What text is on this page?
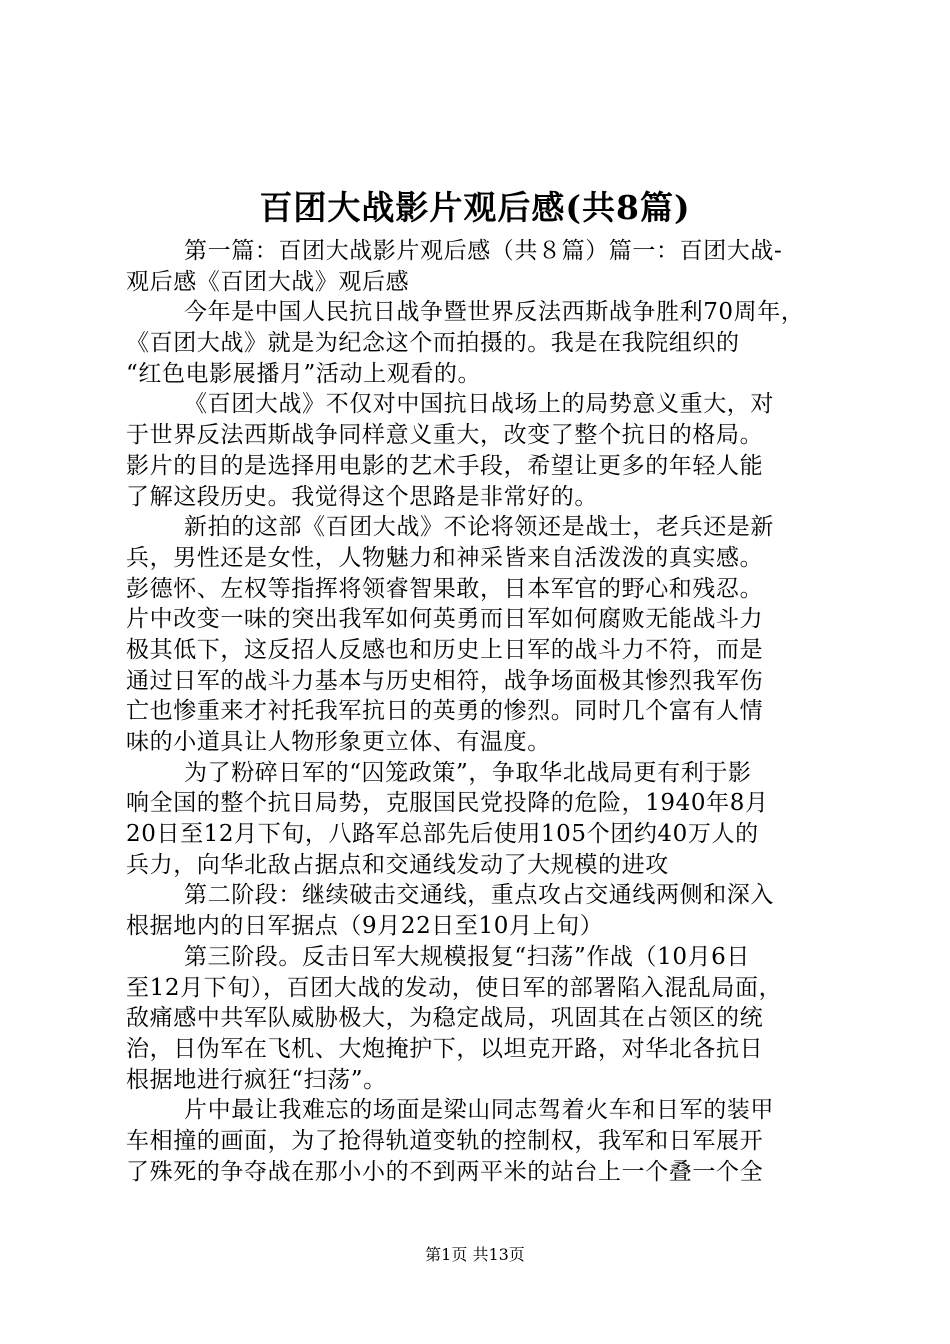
百团大战影片观后感(共8篇)
第一篇：百团大战影片观后感（共８篇）篇一：百团大战-
观后感《百团大战》观后感
今年是中国人民抗日战争暨世界反法西斯战争胜利70周年，
《百团大战》就是为纪念这个而拍摄的。我是在我院组织的
“红色电影展播月”活动上观看的。
《百团大战》不仅对中国抗日战场上的局势意义重大，对
于世界反法西斯战争同样意义重大，改变了整个抗日的格局。
影片的目的是选择用电影的艺术手段，希望让更多的年轻人能
了解这段历史。我觉得这个思路是非常好的。
新拍的这部《百团大战》不论将领还是战士，老兵还是新
兵，男性还是女性，人物魅力和神采皆来自活泼泼的真实感。
彭德怀、左权等指挥将领睿智果敢，日本军官的野心和残忍。
片中改变一味的突出我军如何英勇而日军如何腐败无能战斗力
极其低下，这反招人反感也和历史上日军的战斗力不符，而是
通过日军的战斗力基本与历史相符，战争场面极其惨烈我军伤
亡也惨重来才衬托我军抗日的英勇的惨烈。同时几个富有人情
味的小道具让人物形象更立体、有温度。
为了粉碎日军的“囚笼政策”，争取华北战局更有利于影
响全国的整个抗日局势，克服国民党投降的危险，1940年8月
20日至12月下旬，八路军总部先后使用105个团约40万人的
兵力，向华北敌占据点和交通线发动了大规模的进攻
第二阶段：继续破击交通线，重点攻占交通线两侧和深入
根据地内的日军据点（9月22日至10月上旬）
第三阶段。反击日军大规模报复“扫荡”作战（10月6日
至12月下旬），百团大战的发动，使日军的部署陷入混乱局面，
敌痛感中共军队威胁极大，为稳定战局，巩固其在占领区的统
治，日伪军在飞机、大炮掩护下，以坦克开路，对华北各抗日
根据地进行疯狂“扫荡”。
片中最让我难忘的场面是梁山同志驾着火车和日军的装甲
车相撞的画面，为了抢得轨道变轨的控制权，我军和日军展开
了殊死的争夺战在那小小的不到两平米的站台上一个叠一个全
第1页 共13页
